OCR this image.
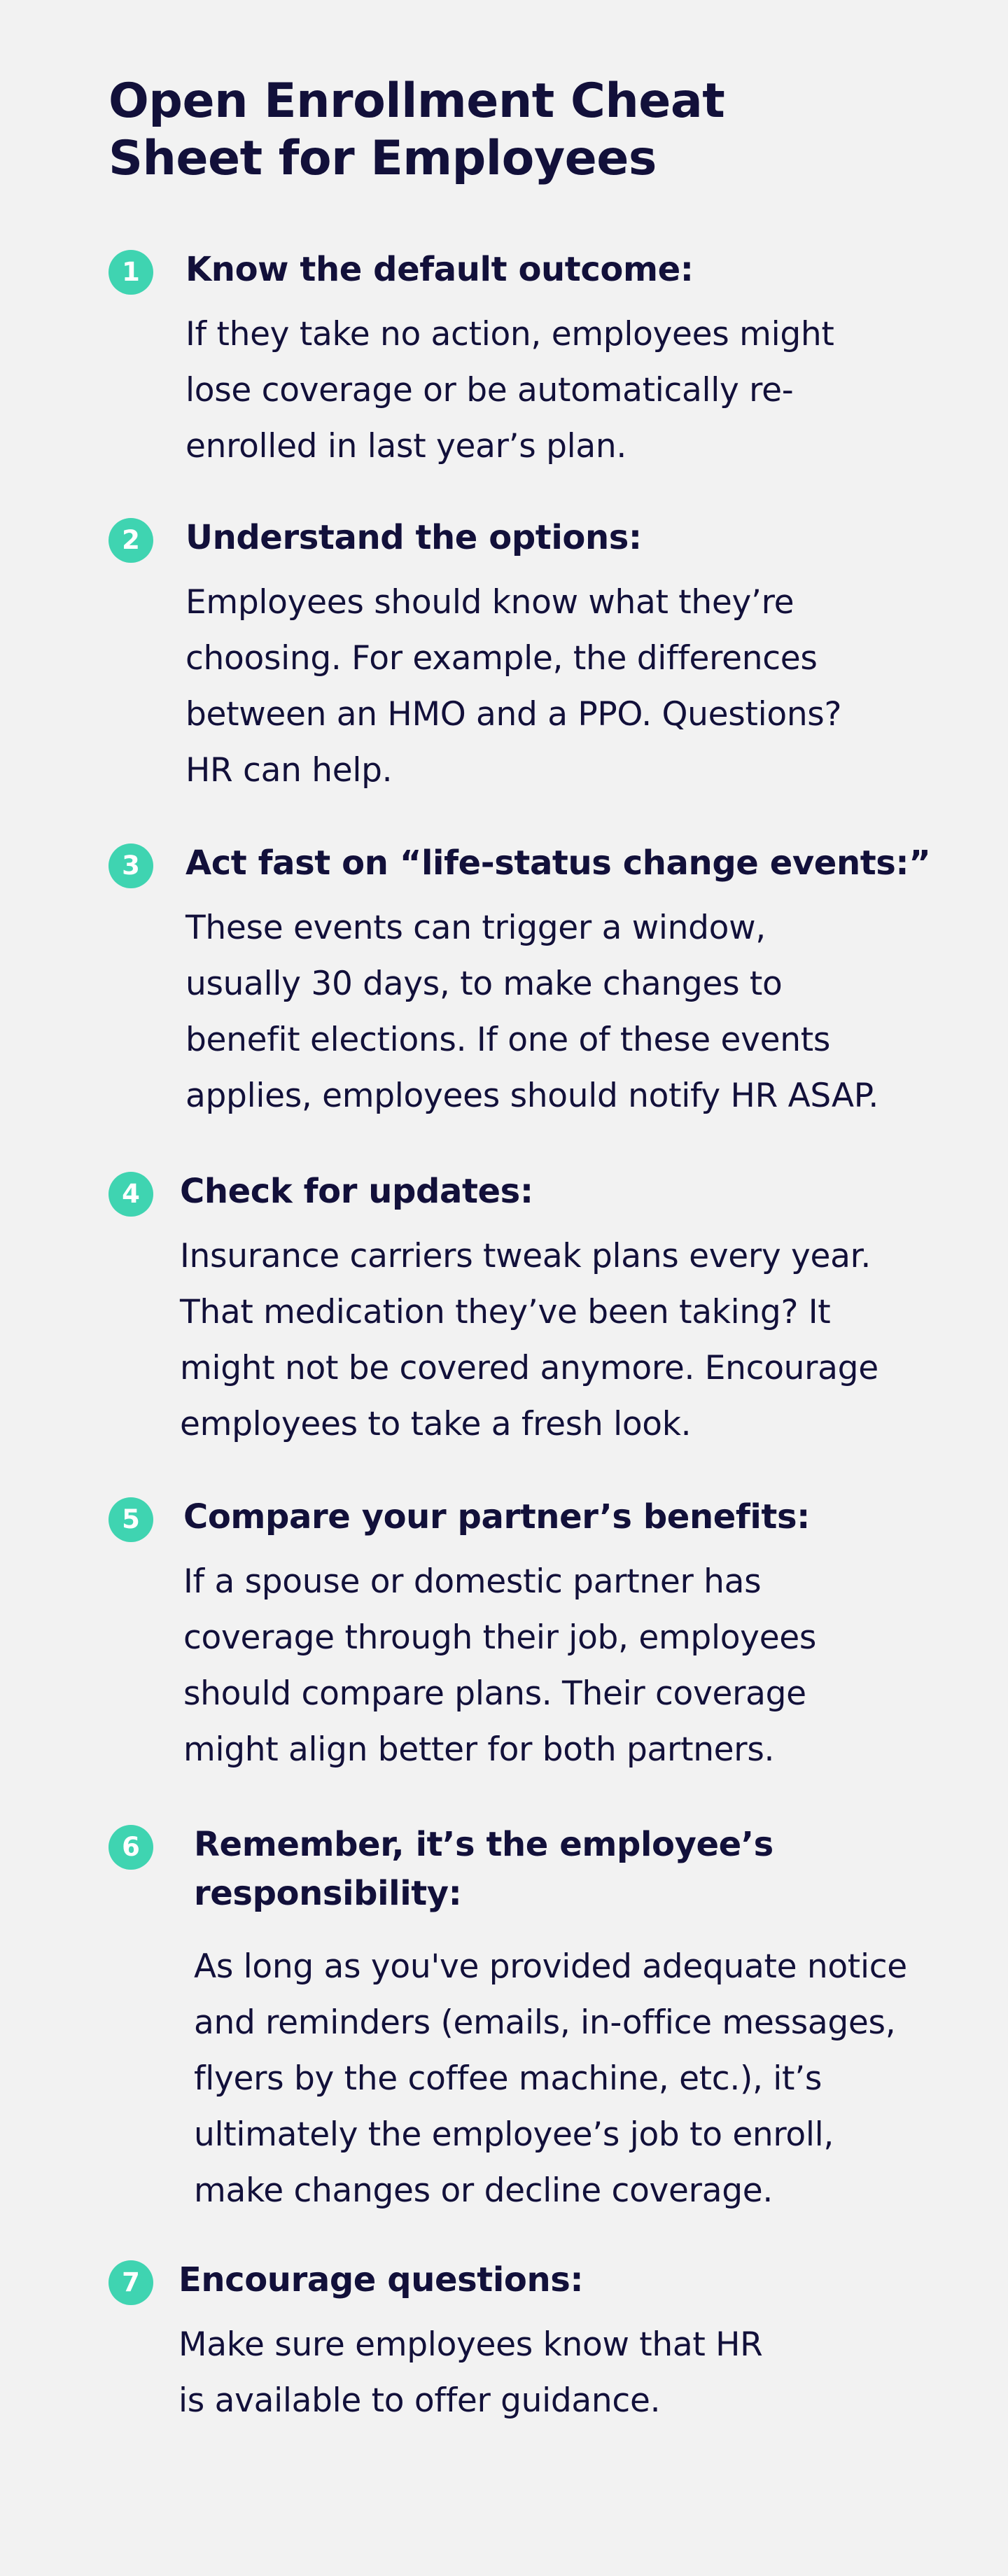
Open Enrollment Cheat
Sheet for Employees
1	Know the default outcome:

If they take no action, employees might
lose coverage or be automatically re-
enrolled in last year’s plan.

2	Understand the options:

Employees should know what they’re
choosing. For example, the differences
between an HMO and a PPO. Questions?
HR can help.

3	Act fast on “life-status change events:”

These events can trigger a window,
usually 30 days, to make changes to
benefit elections. If one of these events
applies, employees should notify HR ASAP.

4	Check for updates:

Insurance carriers tweak plans every year.
That medication they’ve been taking? It
might not be covered anymore. Encourage
employees to take a fresh look.

5	Compare your partner’s benefits:

If a spouse or domestic partner has
coverage through their job, employees
should compare plans. Their coverage
might align better for both partners.

6	Remember, it’s the employee’s
responsibility:

As long as you've provided adequate notice
and reminders (emails, in-office messages,
flyers by the coffee machine, etc.), it’s
ultimately the employee’s job to enroll,
make changes or decline coverage.

7	Encourage questions:

Make sure employees know that HR
is available to offer guidance.
